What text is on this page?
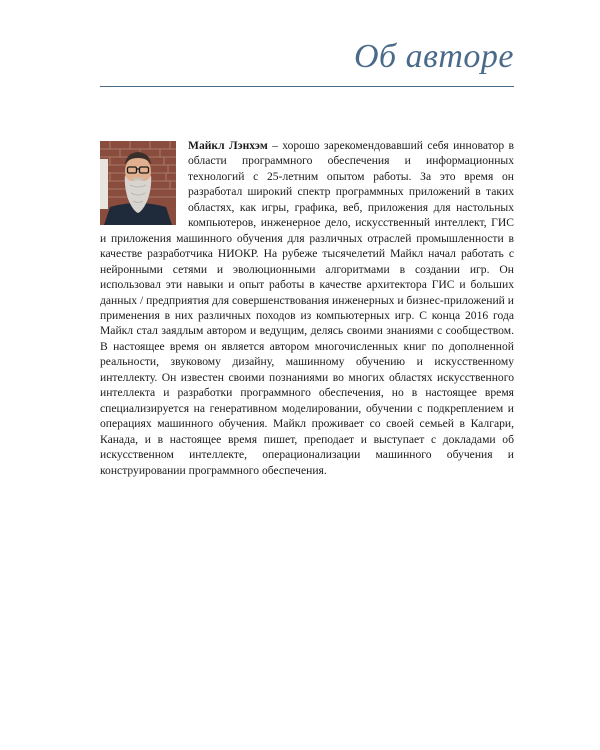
Об авторе

Майкл Лэнхэм – хорошо зарекомендовавший себя инноватор в области программного обеспечения и информационных технологий с 25-летним опытом работы. За это время он разработал широкий спектр программных приложений в таких областях, как игры, графика, веб, приложения для настольных компьютеров, инженерное дело, искусственный интеллект, ГИС и приложения машинного обучения для различных отраслей промышленности в качестве разработчика НИОКР. На рубеже тысячелетий Майкл начал работать с нейронными сетями и эволюционными алгоритмами в создании игр. Он использовал эти навыки и опыт работы в качестве архитектора ГИС и больших данных / предприятия для совершенствования инженерных и бизнес-приложений и применения в них различных походов из компьютерных игр. С конца 2016 года Майкл стал заядлым автором и ведущим, делясь своими знаниями с сообществом. В настоящее время он является автором многочисленных книг по дополненной реальности, звуковому дизайну, машинному обучению и искусственному интеллекту. Он известен своими познаниями во многих областях искусственного интеллекта и разработки программного обеспечения, но в настоящее время специализируется на генеративном моделировании, обучении с подкреплением и операциях машинного обучения. Майкл проживает со своей семьей в Калгари, Канада, и в настоящее время пишет, преподает и выступает с докладами об искусственном интеллекте, операционализации машинного обучения и конструировании программного обеспечения.
